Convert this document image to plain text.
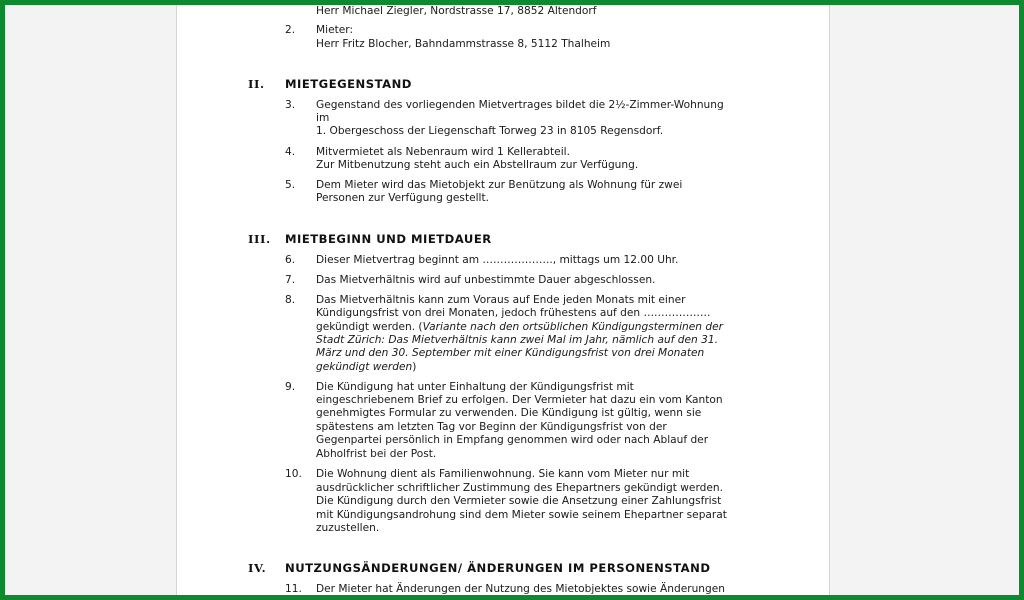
Herr Michael Ziegler, Nordstrasse 17, 8852 Altendorf

2. Mieter:

Herr Fritz Blocher, Bahndammstrasse 8, 5112 Thalheim

II. MIETGEGENSTAND
3. Gegenstand des vorliegenden Mietvertrages bildet die 2½-Zimmer-Wohnung

im

1. Obergeschoss der Liegenschaft Torweg 23 in 8105 Regensdorf.

4. Mitvermietet als Nebenraum wird 1 Kellerabteil.

Zur Mitbenutzung steht auch ein Abstellraum zur Verfügung.

5. Dem Mieter wird das Mietobjekt zur Benützung als Wohnung für zwei

Personen zur Verfügung gestellt.

III. MIETBEGINN UND MIETDAUER
6. Dieser Mietvertrag beginnt am ……………….., mittags um 12.00 Uhr.

7. Das Mietverhältnis wird auf unbestimmte Dauer abgeschlossen.

8. Das Mietverhältnis kann zum Voraus auf Ende jeden Monats mit einer

Kündigungsfrist von drei Monaten, jedoch frühestens auf den ……………….

gekündigt werden. (Variante nach den ortsüblichen Kündigungsterminen der

Stadt Zürich: Das Mietverhältnis kann zwei Mal im Jahr, nämlich auf den 31.

März und den 30. September mit einer Kündigungsfrist von drei Monaten

gekündigt werden)

9. Die Kündigung hat unter Einhaltung der Kündigungsfrist mit

eingeschriebenem Brief zu erfolgen. Der Vermieter hat dazu ein vom Kanton

genehmigtes Formular zu verwenden. Die Kündigung ist gültig, wenn sie

spätestens am letzten Tag vor Beginn der Kündigungsfrist von der

Gegenpartei persönlich in Empfang genommen wird oder nach Ablauf der

Abholfrist bei der Post.

10. Die Wohnung dient als Familienwohnung. Sie kann vom Mieter nur mit

ausdrücklicher schriftlicher Zustimmung des Ehepartners gekündigt werden.

Die Kündigung durch den Vermieter sowie die Ansetzung einer Zahlungsfrist

mit Kündigungsandrohung sind dem Mieter sowie seinem Ehepartner separat

zuzustellen.

IV. NUTZUNGSÄNDERUNGEN/ ÄNDERUNGEN IM PERSONENSTAND
11. Der Mieter hat Änderungen der Nutzung des Mietobjektes sowie Änderungen
